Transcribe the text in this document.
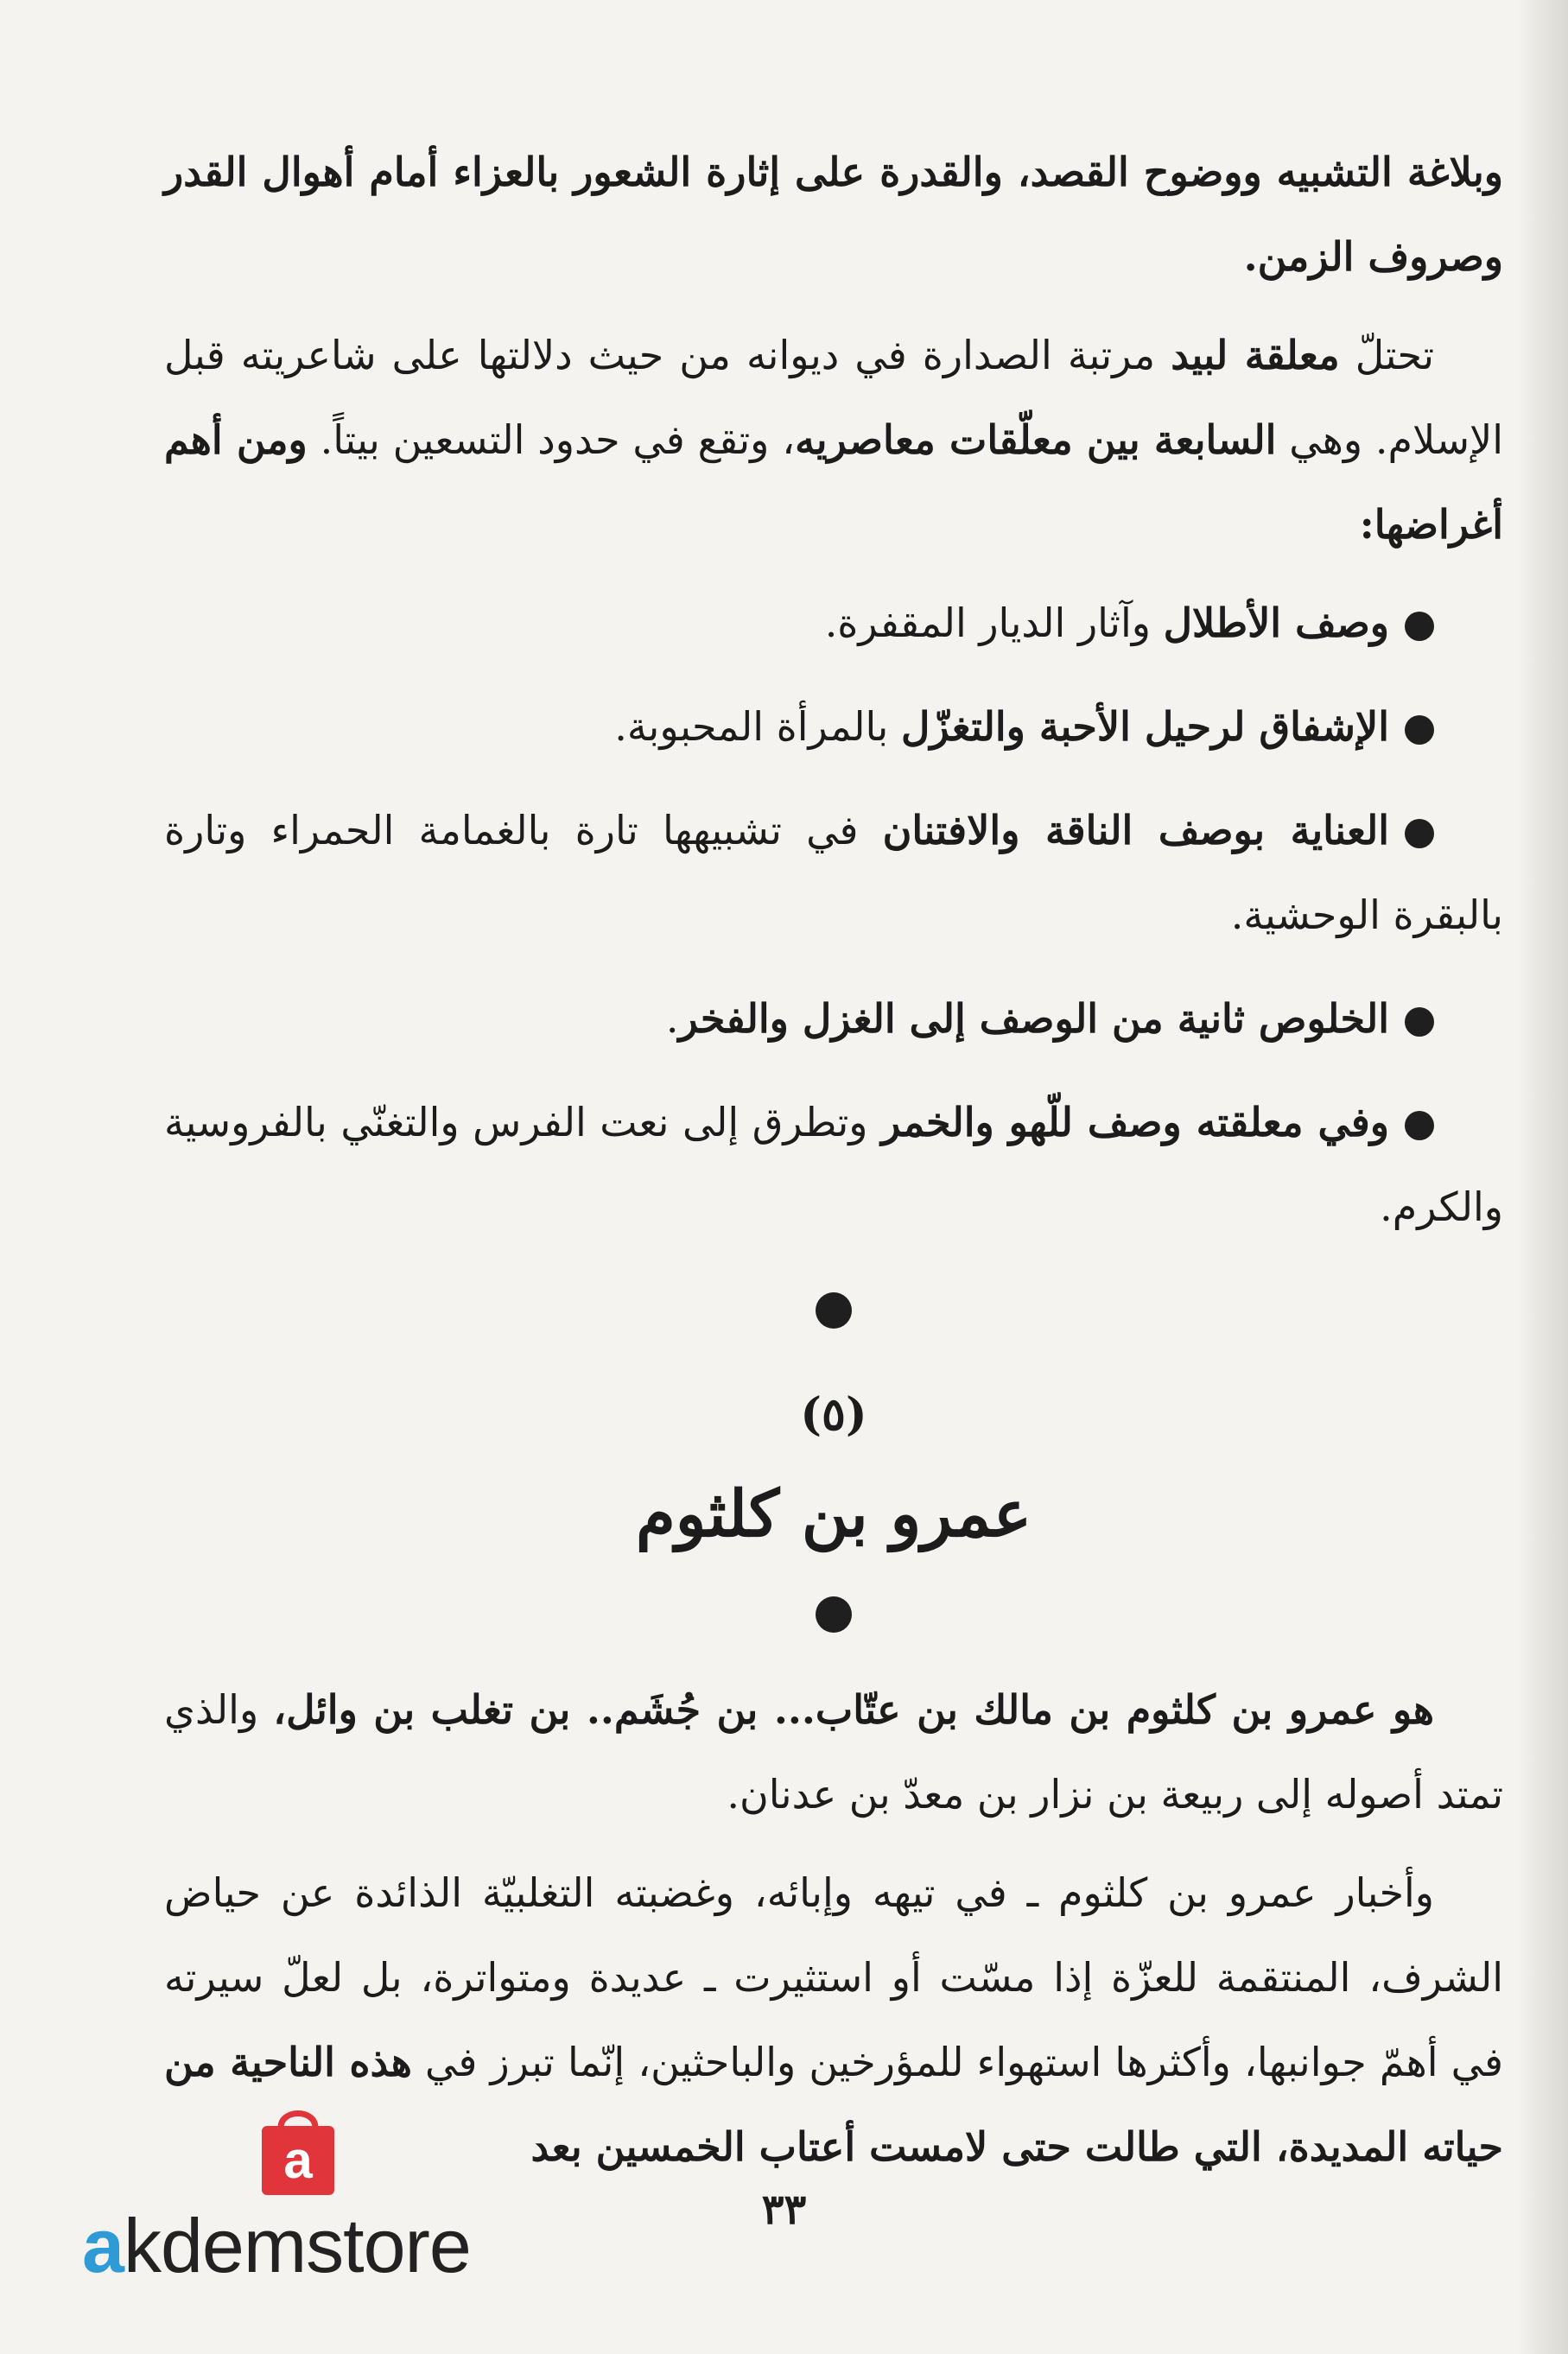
وبلاغة التشبيه ووضوح القصد، والقدرة على إثارة الشعور بالعزاء أمام أهوال القدر وصروف الزمن.

تحتلّ معلقة لبيد مرتبة الصدارة في ديوانه من حيث دلالتها على شاعريته قبل الإسلام. وهي السابعة بين معلّقات معاصريه، وتقع في حدود التسعين بيتاً. ومن أهم أغراضها:

وصف الأطلال وآثار الديار المقفرة.
الإشفاق لرحيل الأحبة والتغزّل بالمرأة المحبوبة.
العناية بوصف الناقة والافتنان في تشبيهها تارة بالغمامة الحمراء وتارة بالبقرة الوحشية.
الخلوص ثانية من الوصف إلى الغزل والفخر.
وفي معلقته وصف للّهو والخمر وتطرق إلى نعت الفرس والتغنّي بالفروسية والكرم.
(٥)
عمرو بن كلثوم

هو عمرو بن كلثوم بن مالك بن عتّاب... بن جُشَم.. بن تغلب بن وائل، والذي تمتد أصوله إلى ربيعة بن نزار بن معدّ بن عدنان.

وأخبار عمرو بن كلثوم ـ في تيهه وإبائه، وغضبته التغلبيّة الذائدة عن حياض الشرف، المنتقمة للعزّة إذا مسّت أو استثيرت ـ عديدة ومتواترة، بل لعلّ سيرته في أهمّ جوانبها، وأكثرها استهواء للمؤرخين والباحثين، إنّما تبرز في هذه الناحية من حياته المديدة، التي طالت حتى لامست أعتاب الخمسين بعد

٣٣
a
akdemstore
